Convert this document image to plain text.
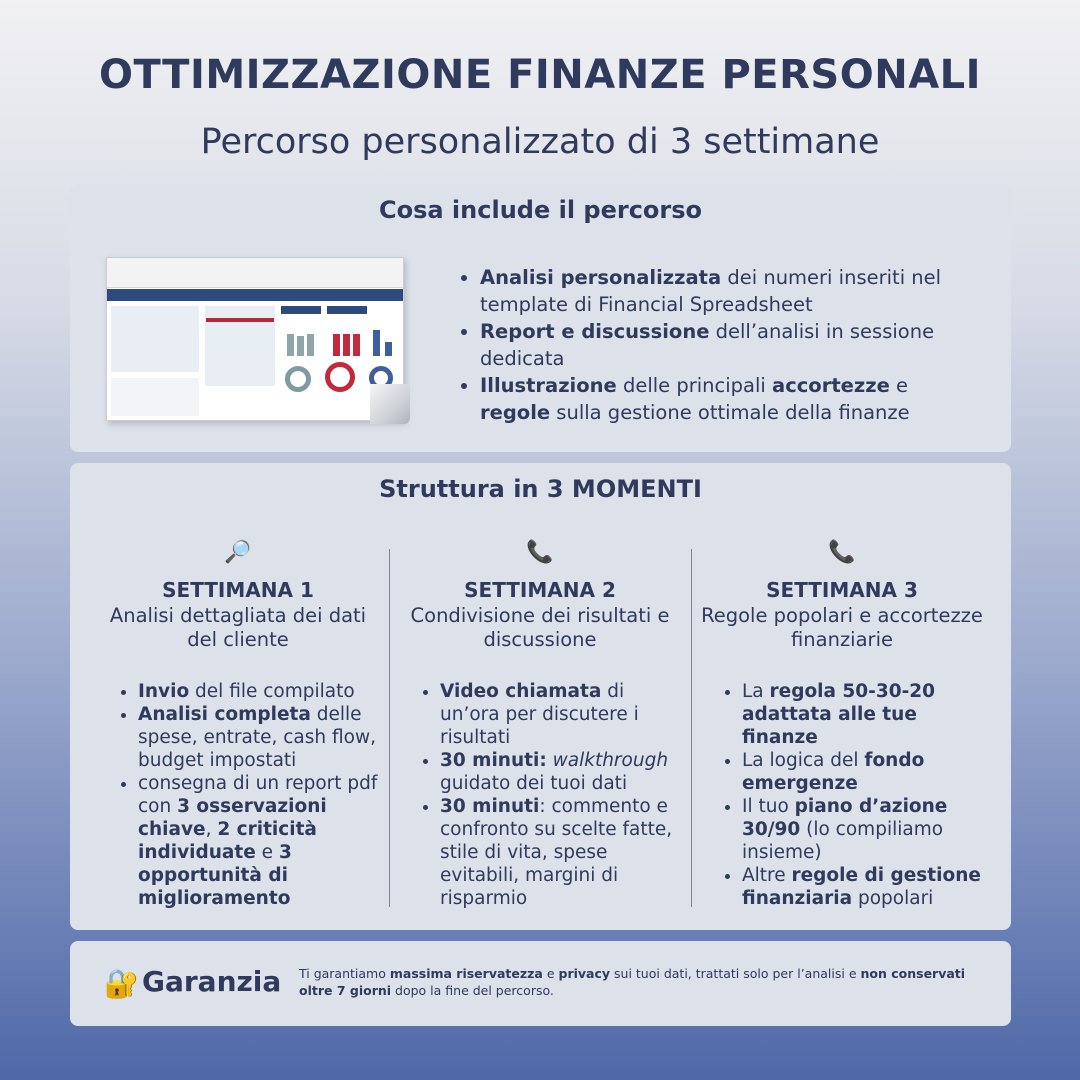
OTTIMIZZAZIONE FINANZE PERSONALI
Percorso personalizzato di 3 settimane
Cosa include il percorso
• Analisi personalizzata dei numeri inseriti nel template di Financial Spreadsheet
• Report e discussione dell’analisi in sessione dedicata
• Illustrazione delle principali accortezze e regole sulla gestione ottimale della finanze
Struttura in 3 MOMENTI
🔎
SETTIMANA 1
Analisi dettagliata dei dati del cliente
• Invio del file compilato
• Analisi completa delle spese, entrate, cash flow, budget impostati
• consegna di un report pdf con 3 osservazioni chiave, 2 criticità individuate e 3 opportunità di miglioramento
📞
SETTIMANA 2
Condivisione dei risultati e discussione
• Video chiamata di un’ora per discutere i risultati
• 30 minuti: walkthrough guidato dei tuoi dati
• 30 minuti: commento e confronto su scelte fatte, stile di vita, spese evitabili, margini di risparmio
📞
SETTIMANA 3
Regole popolari e accortezze finanziarie
• La regola 50-30-20 adattata alle tue finanze
• La logica del fondo emergenze
• Il tuo piano d’azione 30/90 (lo compiliamo insieme)
• Altre regole di gestione finanziaria popolari
🔐 Garanzia Ti garantiamo massima riservatezza e privacy sui tuoi dati, trattati solo per l’analisi e non conservati oltre 7 giorni dopo la fine del percorso.
